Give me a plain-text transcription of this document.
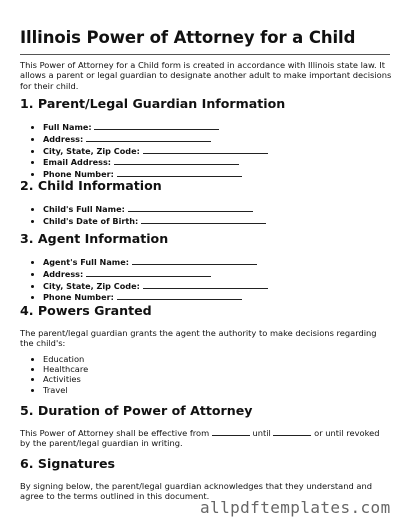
Illinois Power of Attorney for a Child
This Power of Attorney for a Child form is created in accordance with Illinois state law. It allows a parent or legal guardian to designate another adult to make important decisions for their child.
1. Parent/Legal Guardian Information
• Full Name:
• Address:
• City, State, Zip Code:
• Email Address:
• Phone Number:
2. Child Information
• Child's Full Name:
• Child's Date of Birth:
3. Agent Information
• Agent's Full Name:
• Address:
• City, State, Zip Code:
• Phone Number:
4. Powers Granted
The parent/legal guardian grants the agent the authority to make decisions regarding the child's:
• Education
• Healthcare
• Activities
• Travel
5. Duration of Power of Attorney
This Power of Attorney shall be effective from	until	or until revoked by the parent/legal guardian in writing.
6. Signatures
By signing below, the parent/legal guardian acknowledges that they understand and agree to the terms outlined in this document.
allpdftemplates.com
